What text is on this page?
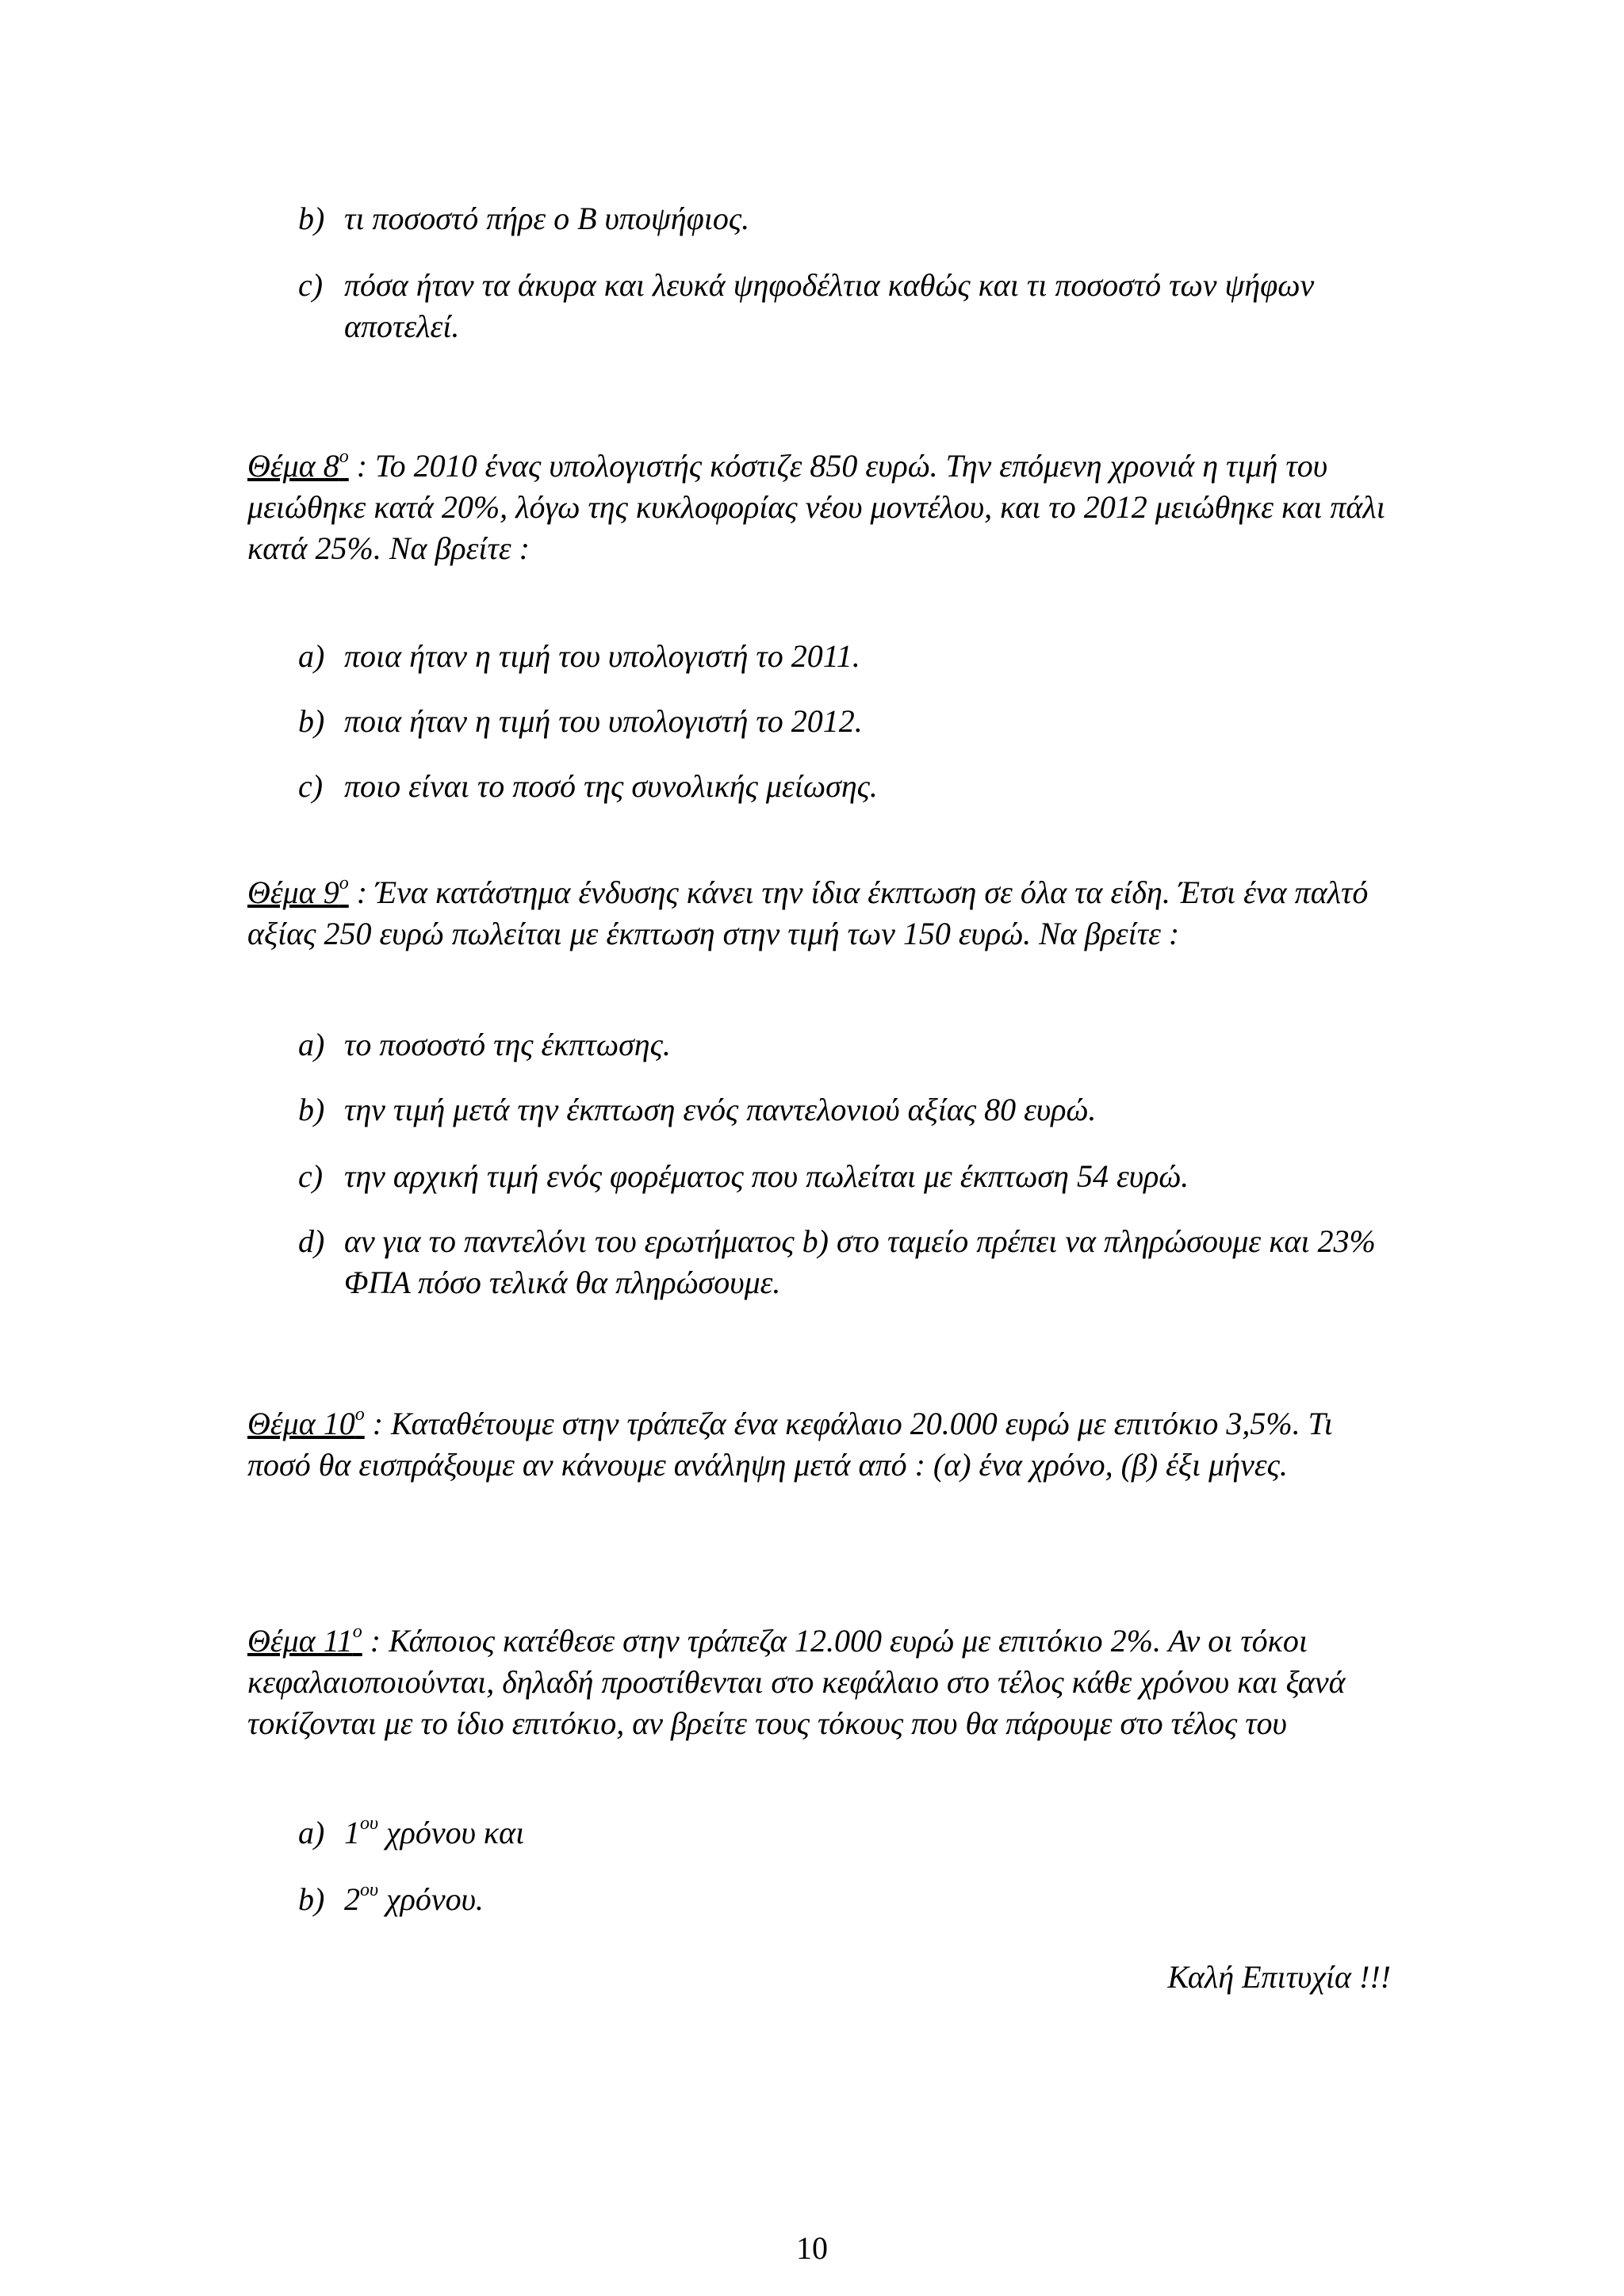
b) τι ποσοστό πήρε ο B υποψήφιος.
c) πόσα ήταν τα άκυρα και λευκά ψηφοδέλτια καθώς και τι ποσοστό των ψήφων αποτελεί.
Θέμα $8^o$ : Το 2010 ένας υπολογιστής κόστιζε 850 ευρώ. Την επόμενη χρονιά η τιμή του μειώθηκε κατά 20%, λόγω της κυκλοφορίας νέου μοντέλου, και το 2012 μειώθηκε και πάλι κατά 25%. Να βρείτε :
a) ποια ήταν η τιμή του υπολογιστή το 2011.
b) ποια ήταν η τιμή του υπολογιστή το 2012.
c) ποιο είναι το ποσό της συνολικής μείωσης.
Θέμα $9^o$ : Ένα κατάστημα ένδυσης κάνει την ίδια έκπτωση σε όλα τα είδη. Έτσι ένα παλτό αξίας 250 ευρώ πωλείται με έκπτωση στην τιμή των 150 ευρώ. Να βρείτε :
a) το ποσοστό της έκπτωσης.
b) την τιμή μετά την έκπτωση ενός παντελονιού αξίας 80 ευρώ.
c) την αρχική τιμή ενός φορέματος που πωλείται με έκπτωση 54 ευρώ.
d) αν για το παντελόνι του ερωτήματος b) στο ταμείο πρέπει να πληρώσουμε και 23% ΦΠΑ πόσο τελικά θα πληρώσουμε.
Θέμα $10^o$ : Καταθέτουμε στην τράπεζα ένα κεφάλαιο 20.000 ευρώ με επιτόκιο 3,5%. Τι ποσό θα εισπράξουμε αν κάνουμε ανάληψη μετά από : (α) ένα χρόνο, (β) έξι μήνες.
Θέμα $11^o$ : Κάποιος κατέθεσε στην τράπεζα 12.000 ευρώ με επιτόκιο 2%. Αν οι τόκοι κεφαλαιοποιούνται, δηλαδή προστίθενται στο κεφάλαιο στο τέλος κάθε χρόνου και ξανά τοκίζονται με το ίδιο επιτόκιο, αν βρείτε τους τόκους που θα πάρουμε στο τέλος του
a) $1^{o\upsilon}$ χρόνου και
b) $2^{o\upsilon}$ χρόνου.
Καλή Επιτυχία !!!
10
